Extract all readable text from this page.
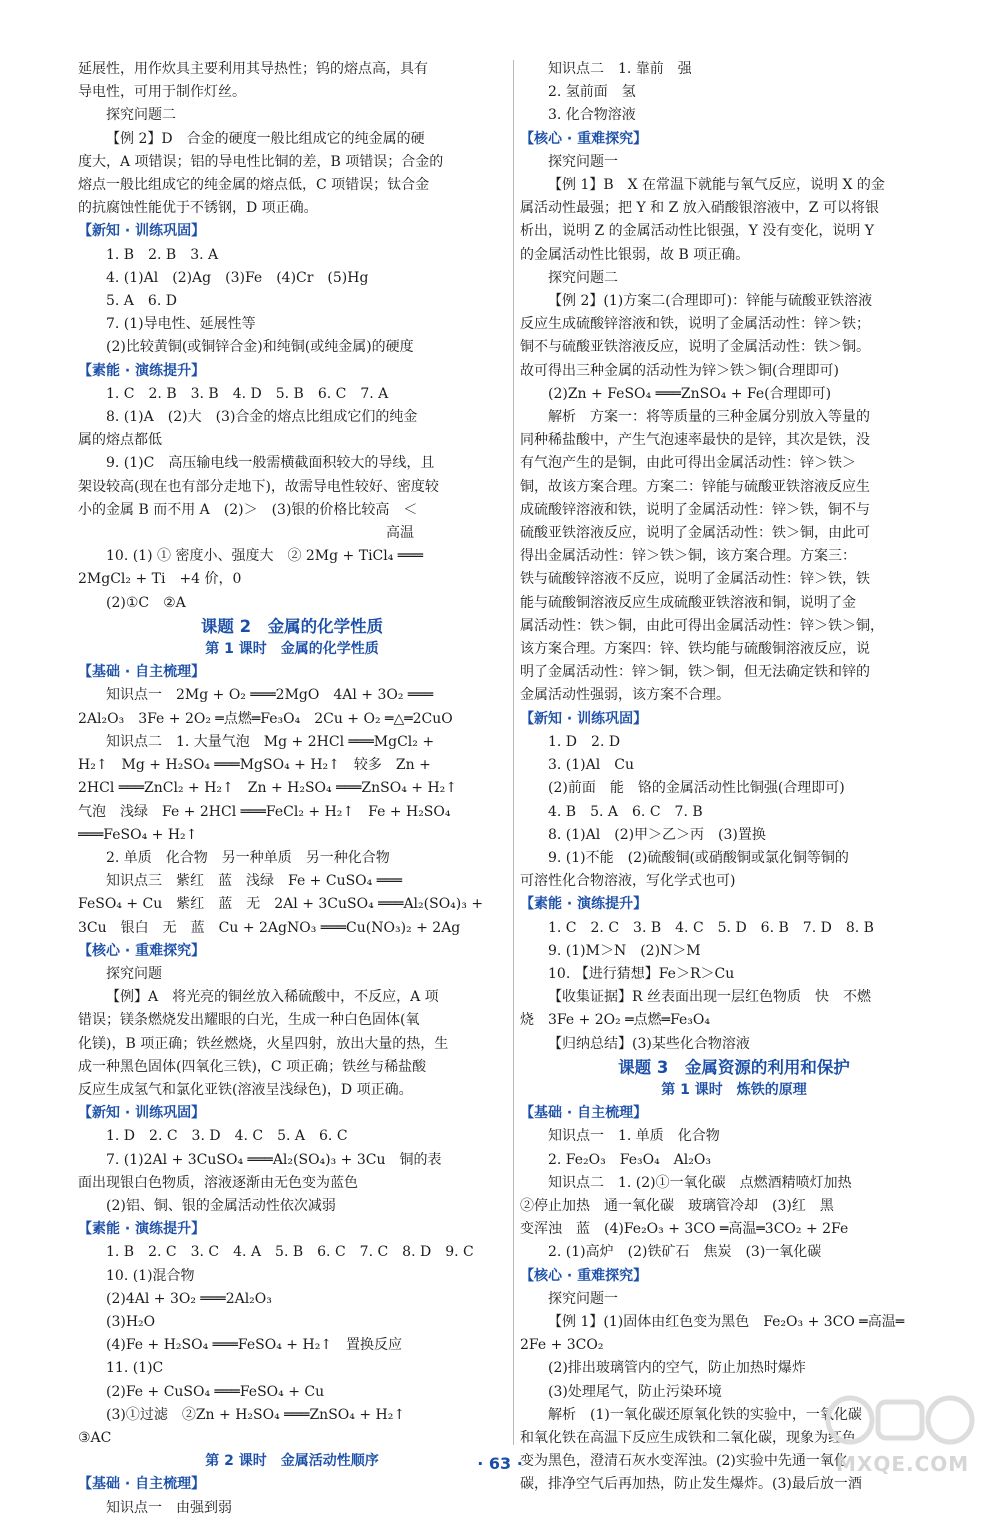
延展性，用作炊具主要利用其导热性；钨的熔点高，具有
导电性，可用于制作灯丝。
探究问题二
【例 2】D　合金的硬度一般比组成它的纯金属的硬
度大，A 项错误；铝的导电性比铜的差，B 项错误；合金的
熔点一般比组成它的纯金属的熔点低，C 项错误；钛合金
的抗腐蚀性能优于不锈钢，D 项正确。
【新知 · 训练巩固】
1. B　2. B　3. A
4. (1)Al　(2)Ag　(3)Fe　(4)Cr　(5)Hg
5. A　6. D
7. (1)导电性、延展性等
(2)比较黄铜(或铜锌合金)和纯铜(或纯金属)的硬度
【素能 · 演练提升】
1. C　2. B　3. B　4. D　5. B　6. C　7. A
8. (1)A　(2)大　(3)合金的熔点比组成它们的纯金
属的熔点都低
9. (1)C　高压输电线一般需横截面积较大的导线，且
架设较高(现在也有部分走地下)，故需导电性较好、密度较
小的金属 B 而不用 A　(2)＞　(3)银的价格比较高　＜
　　　　　　　　　　　　　　　　　　　　　　高温
10. (1) ① 密度小、强度大　② 2Mg + TiCl₄ ═══
2MgCl₂ + Ti　+4 价，0
(2)①C　②A
课题 2　金属的化学性质
第 1 课时　金属的化学性质
【基础 · 自主梳理】
知识点一　2Mg + O₂ ═══2MgO　4Al + 3O₂ ═══
2Al₂O₃　3Fe + 2O₂ ═点燃═Fe₃O₄　2Cu + O₂ ═△═2CuO
知识点二　1. 大量气泡　Mg + 2HCl ═══MgCl₂ +
H₂↑　Mg + H₂SO₄ ═══MgSO₄ + H₂↑　较多　Zn +
2HCl ═══ZnCl₂ + H₂↑　Zn + H₂SO₄ ═══ZnSO₄ + H₂↑
气泡　浅绿　Fe + 2HCl ═══FeCl₂ + H₂↑　Fe + H₂SO₄
═══FeSO₄ + H₂↑
2. 单质　化合物　另一种单质　另一种化合物
知识点三　紫红　蓝　浅绿　Fe + CuSO₄ ═══
FeSO₄ + Cu　紫红　蓝　无　2Al + 3CuSO₄ ═══Al₂(SO₄)₃ +
3Cu　银白　无　蓝　Cu + 2AgNO₃ ═══Cu(NO₃)₂ + 2Ag
【核心 · 重难探究】
探究问题
【例】A　将光亮的铜丝放入稀硫酸中，不反应，A 项
错误；镁条燃烧发出耀眼的白光，生成一种白色固体(氧
化镁)，B 项正确；铁丝燃烧，火星四射，放出大量的热，生
成一种黑色固体(四氧化三铁)，C 项正确；铁丝与稀盐酸
反应生成氢气和氯化亚铁(溶液呈浅绿色)，D 项正确。
【新知 · 训练巩固】
1. D　2. C　3. D　4. C　5. A　6. C
7. (1)2Al + 3CuSO₄ ═══Al₂(SO₄)₃ + 3Cu　铜的表
面出现银白色物质，溶液逐渐由无色变为蓝色
(2)铝、铜、银的金属活动性依次减弱
【素能 · 演练提升】
1. B　2. C　3. C　4. A　5. B　6. C　7. C　8. D　9. C
10. (1)混合物
(2)4Al + 3O₂ ═══2Al₂O₃
(3)H₂O
(4)Fe + H₂SO₄ ═══FeSO₄ + H₂↑　置换反应
11. (1)C
(2)Fe + CuSO₄ ═══FeSO₄ + Cu
(3)①过滤　②Zn + H₂SO₄ ═══ZnSO₄ + H₂↑
③AC
第 2 课时　金属活动性顺序
【基础 · 自主梳理】
知识点一　由强到弱
知识点二　1. 靠前　强
2. 氢前面　氢
3. 化合物溶液
【核心 · 重难探究】
探究问题一
【例 1】B　X 在常温下就能与氧气反应，说明 X 的金
属活动性最强；把 Y 和 Z 放入硝酸银溶液中，Z 可以将银
析出，说明 Z 的金属活动性比银强，Y 没有变化，说明 Y
的金属活动性比银弱，故 B 项正确。
探究问题二
【例 2】(1)方案二(合理即可)：锌能与硫酸亚铁溶液
反应生成硫酸锌溶液和铁，说明了金属活动性：锌＞铁；
铜不与硫酸亚铁溶液反应，说明了金属活动性：铁＞铜。
故可得出三种金属的活动性为锌＞铁＞铜(合理即可)
(2)Zn + FeSO₄ ═══ZnSO₄ + Fe(合理即可)
解析　方案一：将等质量的三种金属分别放入等量的
同种稀盐酸中，产生气泡速率最快的是锌，其次是铁，没
有气泡产生的是铜，由此可得出金属活动性：锌＞铁＞
铜，故该方案合理。方案二：锌能与硫酸亚铁溶液反应生
成硫酸锌溶液和铁，说明了金属活动性：锌＞铁，铜不与
硫酸亚铁溶液反应，说明了金属活动性：铁＞铜，由此可
得出金属活动性：锌＞铁＞铜，该方案合理。方案三：
铁与硫酸锌溶液不反应，说明了金属活动性：锌＞铁，铁
能与硫酸铜溶液反应生成硫酸亚铁溶液和铜，说明了金
属活动性：铁＞铜，由此可得出金属活动性：锌＞铁＞铜，
该方案合理。方案四：锌、铁均能与硫酸铜溶液反应，说
明了金属活动性：锌＞铜，铁＞铜，但无法确定铁和锌的
金属活动性强弱，该方案不合理。
【新知 · 训练巩固】
1. D　2. D
3. (1)Al　Cu
(2)前面　能　铬的金属活动性比铜强(合理即可)
4. B　5. A　6. C　7. B
8. (1)Al　(2)甲＞乙＞丙　(3)置换
9. (1)不能　(2)硫酸铜(或硝酸铜或氯化铜等铜的
可溶性化合物溶液，写化学式也可)
【素能 · 演练提升】
1. C　2. C　3. B　4. C　5. D　6. B　7. D　8. B
9. (1)M＞N　(2)N＞M
10. 【进行猜想】Fe＞R＞Cu
【收集证据】R 丝表面出现一层红色物质　快　不燃
烧　3Fe + 2O₂ ═点燃═Fe₃O₄
【归纳总结】(3)某些化合物溶液
课题 3　金属资源的利用和保护
第 1 课时　炼铁的原理
【基础 · 自主梳理】
知识点一　1. 单质　化合物
2. Fe₂O₃　Fe₃O₄　Al₂O₃
知识点二　1. (2)①一氧化碳　点燃酒精喷灯加热
②停止加热　通一氧化碳　玻璃管冷却　(3)红　黑
变浑浊　蓝　(4)Fe₂O₃ + 3CO ═高温═3CO₂ + 2Fe
2. (1)高炉　(2)铁矿石　焦炭　(3)一氧化碳
【核心 · 重难探究】
探究问题一
【例 1】(1)固体由红色变为黑色　Fe₂O₃ + 3CO ═高温═
2Fe + 3CO₂
(2)排出玻璃管内的空气，防止加热时爆炸
(3)处理尾气，防止污染环境
解析　(1)一氧化碳还原氧化铁的实验中，一氧化碳
和氧化铁在高温下反应生成铁和二氧化碳，现象为红色
变为黑色，澄清石灰水变浑浊。(2)实验中先通一氧化
碳，排净空气后再加热，防止发生爆炸。(3)最后放一酒
· 63 ·	MXQE.COM
